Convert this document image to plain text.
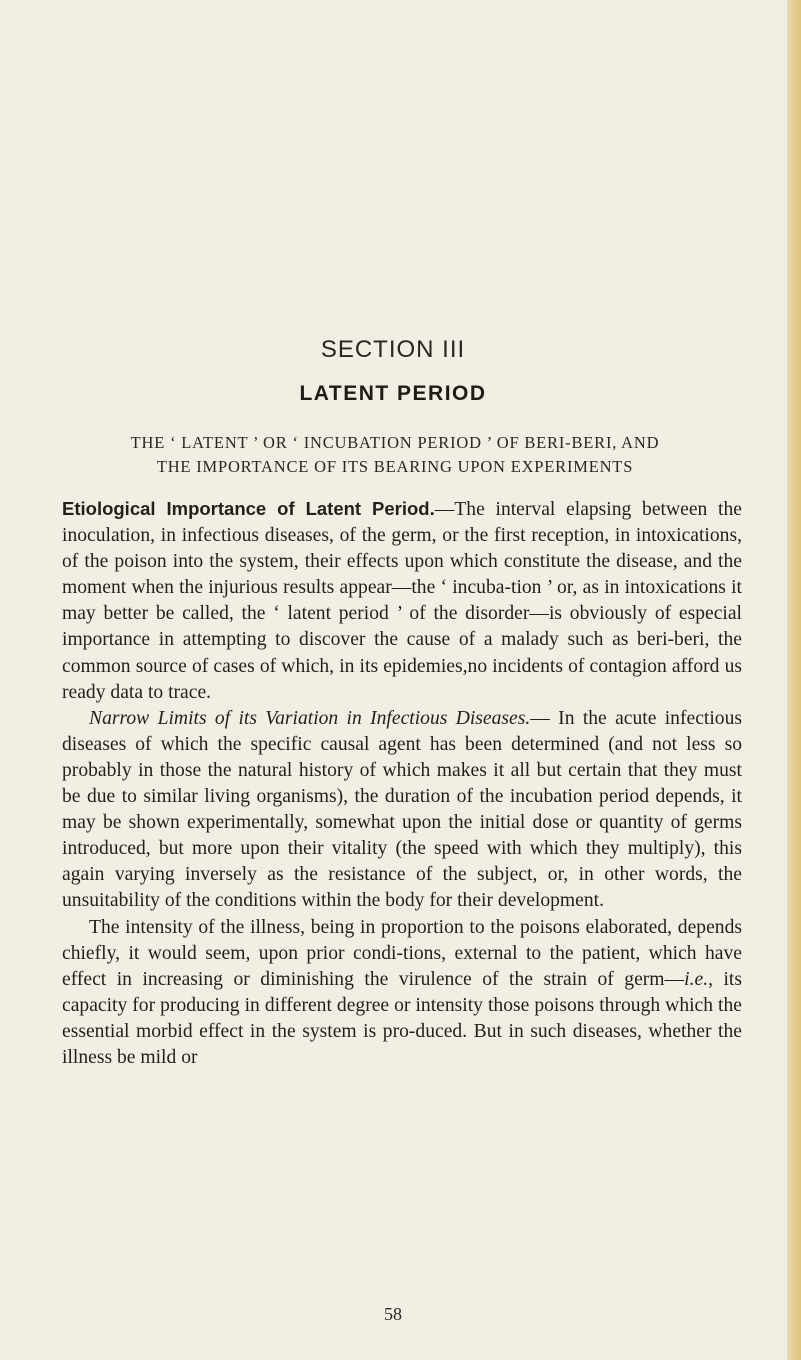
SECTION III
LATENT PERIOD
THE ‘ LATENT ’ OR ‘ INCUBATION PERIOD ’ OF BERI-BERI, AND
THE IMPORTANCE OF ITS BEARING UPON EXPERIMENTS

Etiological Importance of Latent Period.—The interval elapsing between the inoculation, in infectious diseases, of the germ, or the first reception, in intoxications, of the poison into the system, their effects upon which constitute the disease, and the moment when the injurious results appear—the ‘ incuba-tion ’ or, as in intoxications it may better be called, the ‘ latent period ’ of the disorder—is obviously of especial importance in attempting to discover the cause of a malady such as beri-beri, the common source of cases of which, in its epidemies,no incidents of contagion afford us ready data to trace.

Narrow Limits of its Variation in Infectious Diseases.— In the acute infectious diseases of which the specific causal agent has been determined (and not less so probably in those the natural history of which makes it all but certain that they must be due to similar living organisms), the duration of the incubation period depends, it may be shown experimentally, somewhat upon the initial dose or quantity of germs introduced, but more upon their vitality (the speed with which they multiply), this again varying inversely as the resistance of the subject, or, in other words, the unsuitability of the conditions within the body for their development.

The intensity of the illness, being in proportion to the poisons elaborated, depends chiefly, it would seem, upon prior condi-tions, external to the patient, which have effect in increasing or diminishing the virulence of the strain of germ—i.e., its capacity for producing in different degree or intensity those poisons through which the essential morbid effect in the system is pro-duced. But in such diseases, whether the illness be mild or

58
